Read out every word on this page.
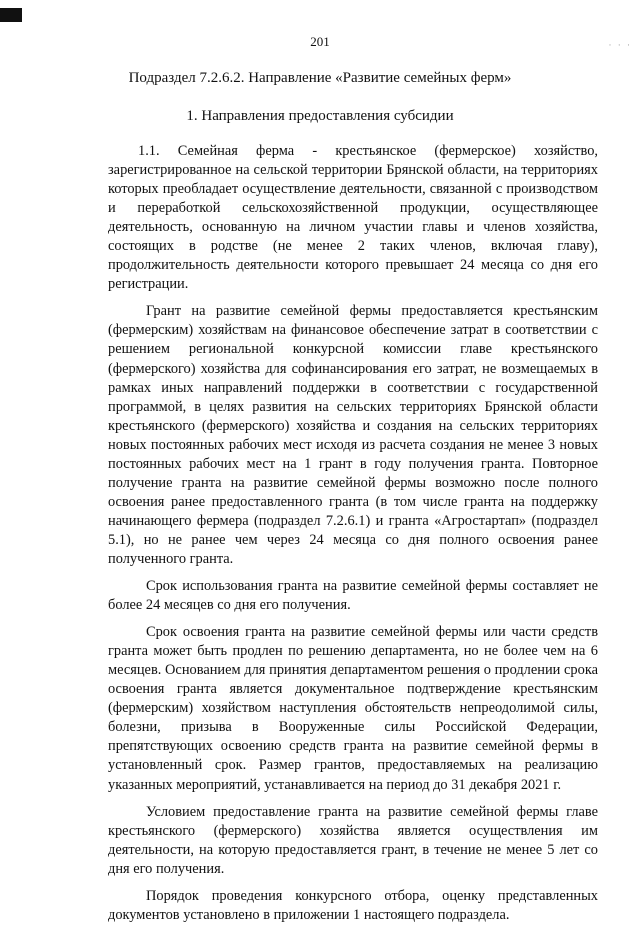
· · ·
201
Подраздел 7.2.6.2. Направление «Развитие семейных ферм»
1. Направления предоставления субсидии

1.1. Семейная ферма - крестьянское (фермерское) хозяйство, зарегистрированное на сельской территории Брянской области, на территориях которых преобладает осуществление деятельности, связанной с производством и переработкой сельскохозяйственной продукции, осуществляющее деятельность, основанную на личном участии главы и членов хозяйства, состоящих в родстве (не менее 2 таких членов, включая главу), продолжительность деятельности которого превышает 24 месяца со дня его регистрации.

Грант на развитие семейной фермы предоставляется крестьянским (фермерским) хозяйствам на финансовое обеспечение затрат в соответствии с решением региональной конкурсной комиссии главе крестьянского (фермерского) хозяйства для софинансирования его затрат, не возмещаемых в рамках иных направлений поддержки в соответствии с государственной программой, в целях развития на сельских территориях Брянской области крестьянского (фермерского) хозяйства и создания на сельских территориях новых постоянных рабочих мест исходя из расчета создания не менее 3 новых постоянных рабочих мест на 1 грант в году получения гранта. Повторное получение гранта на развитие семейной фермы возможно после полного освоения ранее предоставленного гранта (в том числе гранта на поддержку начинающего фермера (подраздел 7.2.6.1) и гранта «Агростартап» (подраздел 5.1), но не ранее чем через 24 месяца со дня полного освоения ранее полученного гранта.

Срок использования гранта на развитие семейной фермы составляет не более 24 месяцев со дня его получения.

Срок освоения гранта на развитие семейной фермы или части средств гранта может быть продлен по решению департамента, но не более чем на 6 месяцев. Основанием для принятия департаментом решения о продлении срока освоения гранта является документальное подтверждение крестьянским (фермерским) хозяйством наступления обстоятельств непреодолимой силы, болезни, призыва в Вооруженные силы Российской Федерации, препятствующих освоению средств гранта на развитие семейной фермы в установленный срок. Размер грантов, предоставляемых на реализацию указанных мероприятий, устанавливается на период до 31 декабря 2021 г.

Условием предоставление гранта на развитие семейной фермы главе крестьянского (фермерского) хозяйства является осуществления им деятельности, на которую предоставляется грант, в течение не менее 5 лет со дня его получения.

Порядок проведения конкурсного отбора, оценку представленных документов установлено в приложении 1 настоящего подраздела.
